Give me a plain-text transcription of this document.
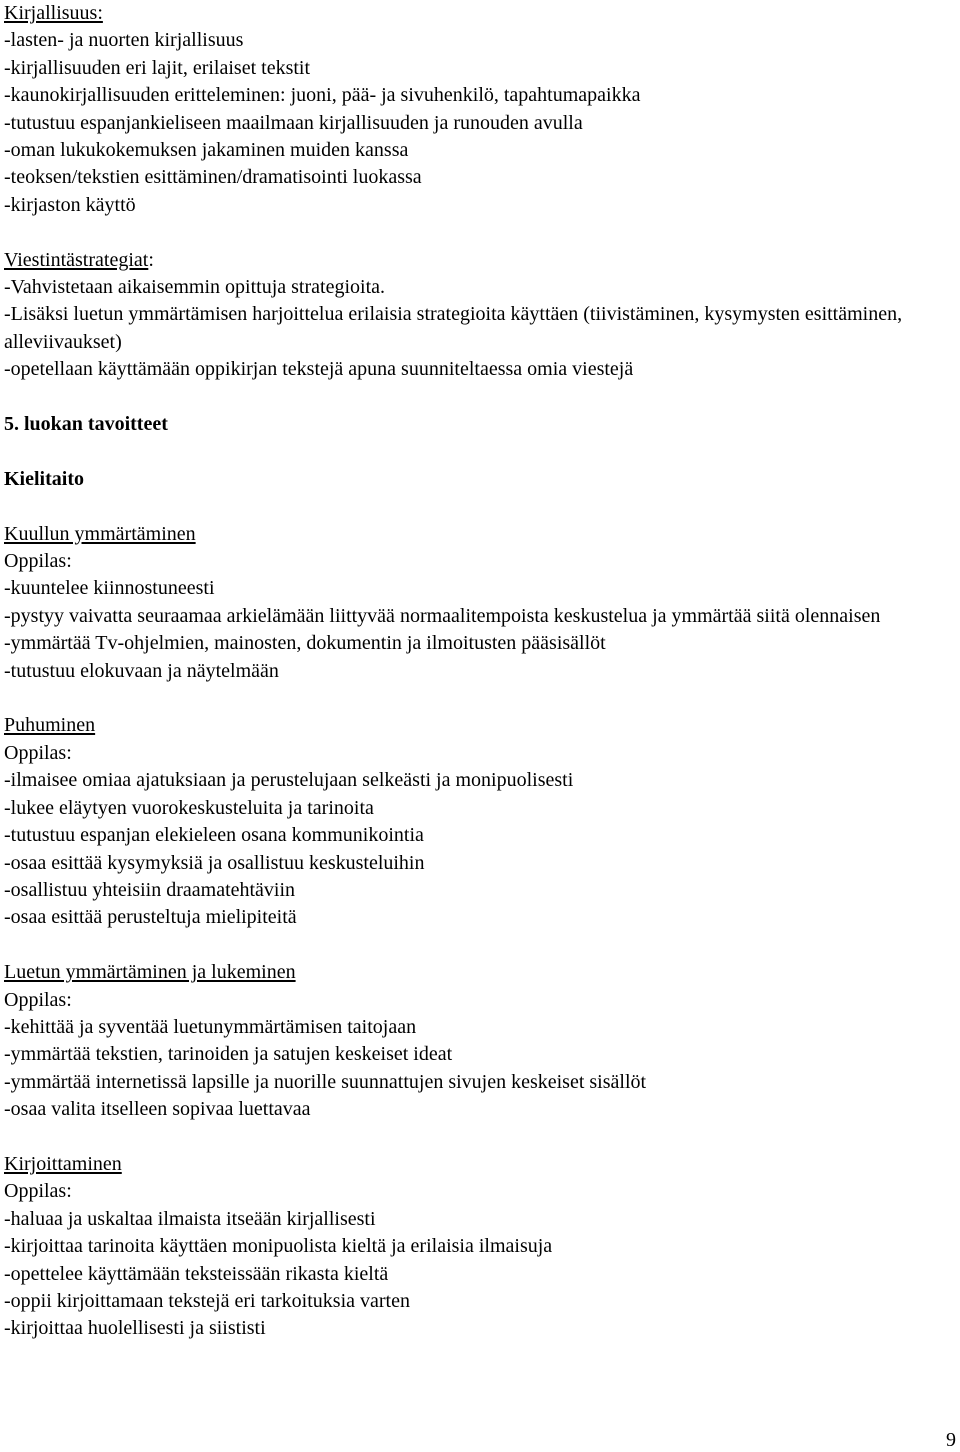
Kirjallisuus:
-lasten- ja nuorten kirjallisuus
-kirjallisuuden eri lajit, erilaiset tekstit
-kaunokirjallisuuden eritteleminen: juoni, pää- ja sivuhenkilö, tapahtumapaikka
-tutustuu espanjankieliseen maailmaan kirjallisuuden ja runouden avulla
-oman lukukokemuksen jakaminen muiden kanssa
-teoksen/tekstien esittäminen/dramatisointi luokassa
-kirjaston käyttö
Viestintästrategiat:
-Vahvistetaan aikaisemmin opittuja strategioita.
-Lisäksi luetun ymmärtämisen harjoittelua erilaisia strategioita käyttäen (tiivistäminen, kysymysten esittäminen, alleviivaukset)
-opetellaan käyttämään oppikirjan tekstejä apuna suunniteltaessa omia viestejä
5. luokan tavoitteet
Kielitaito
Kuullun ymmärtäminen
Oppilas:
-kuuntelee kiinnostuneesti
-pystyy vaivatta seuraamaa arkielämään liittyvää normaalitempoista keskustelua ja ymmärtää siitä olennaisen
-ymmärtää Tv-ohjelmien, mainosten, dokumentin ja ilmoitusten pääsisällöt
-tutustuu elokuvaan ja näytelmään
Puhuminen
Oppilas:
-ilmaisee omiaa ajatuksiaan ja perustelujaan selkeästi ja monipuolisesti
-lukee eläytyen vuorokeskusteluita ja tarinoita
-tutustuu espanjan elekieleen osana kommunikointia
-osaa esittää kysymyksiä ja osallistuu keskusteluihin
-osallistuu yhteisiin draamatehtäviin
-osaa esittää perusteltuja mielipiteitä
Luetun ymmärtäminen ja lukeminen
Oppilas:
-kehittää ja syventää luetunymmärtämisen taitojaan
-ymmärtää tekstien, tarinoiden ja satujen keskeiset ideat
-ymmärtää internetissä lapsille ja nuorille suunnattujen sivujen keskeiset sisällöt
-osaa valita itselleen sopivaa luettavaa
Kirjoittaminen
Oppilas:
-haluaa ja uskaltaa ilmaista itseään kirjallisesti
-kirjoittaa tarinoita käyttäen monipuolista kieltä ja erilaisia ilmaisuja
-opettelee käyttämään teksteissään rikasta kieltä
-oppii kirjoittamaan tekstejä eri tarkoituksia varten
-kirjoittaa huolellisesti ja siististi
9
